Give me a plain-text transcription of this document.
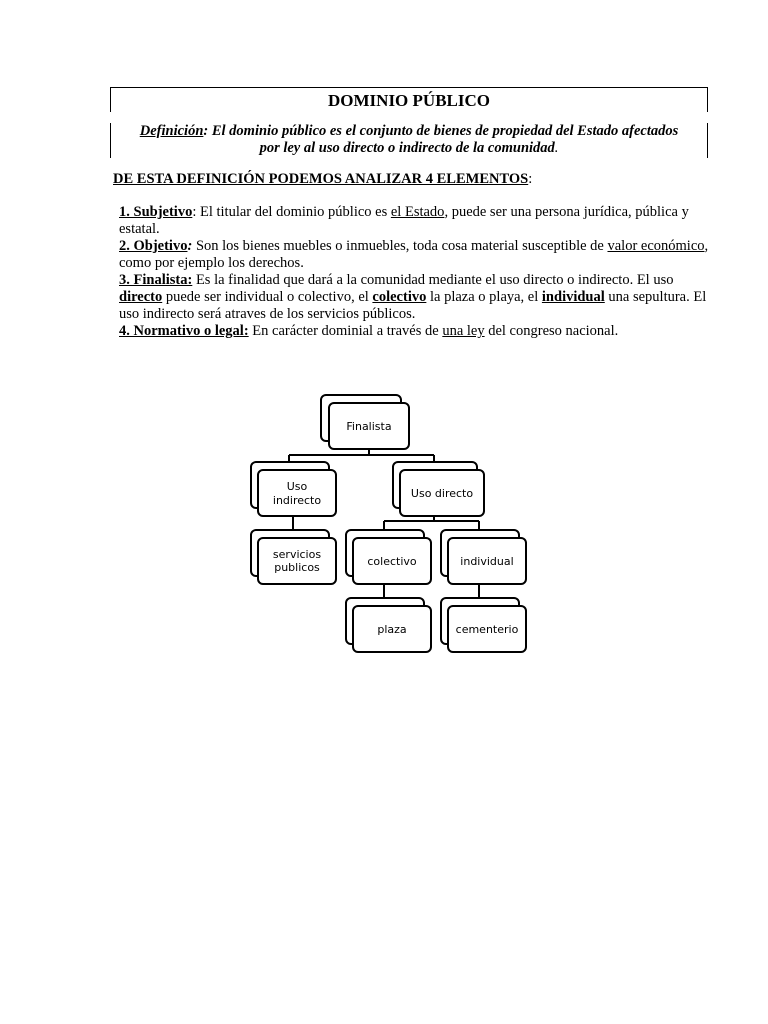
DOMINIO PÚBLICO
Definición: El dominio público es el conjunto de bienes de propiedad del Estado afectados
por ley al uso directo o indirecto de la comunidad.
DE ESTA DEFINICIÓN PODEMOS ANALIZAR 4 ELEMENTOS:

1. Subjetivo: El titular del dominio público es el Estado, puede ser una persona jurídica, pública y estatal.

2. Objetivo: Son los bienes muebles o inmuebles, toda cosa material susceptible de valor económico, como por ejemplo los derechos.

3. Finalista: Es la finalidad que dará a la comunidad mediante el uso directo o indirecto. El uso directo puede ser individual o colectivo, el colectivo la plaza o playa, el individual una sepultura. El uso indirecto será atraves de los servicios públicos.

4. Normativo o legal: En carácter dominial a través de una ley del congreso nacional.

Finalista
Uso
indirecto
Uso directo
servicios
publicos	colectivo	individual
plaza	cementerio
